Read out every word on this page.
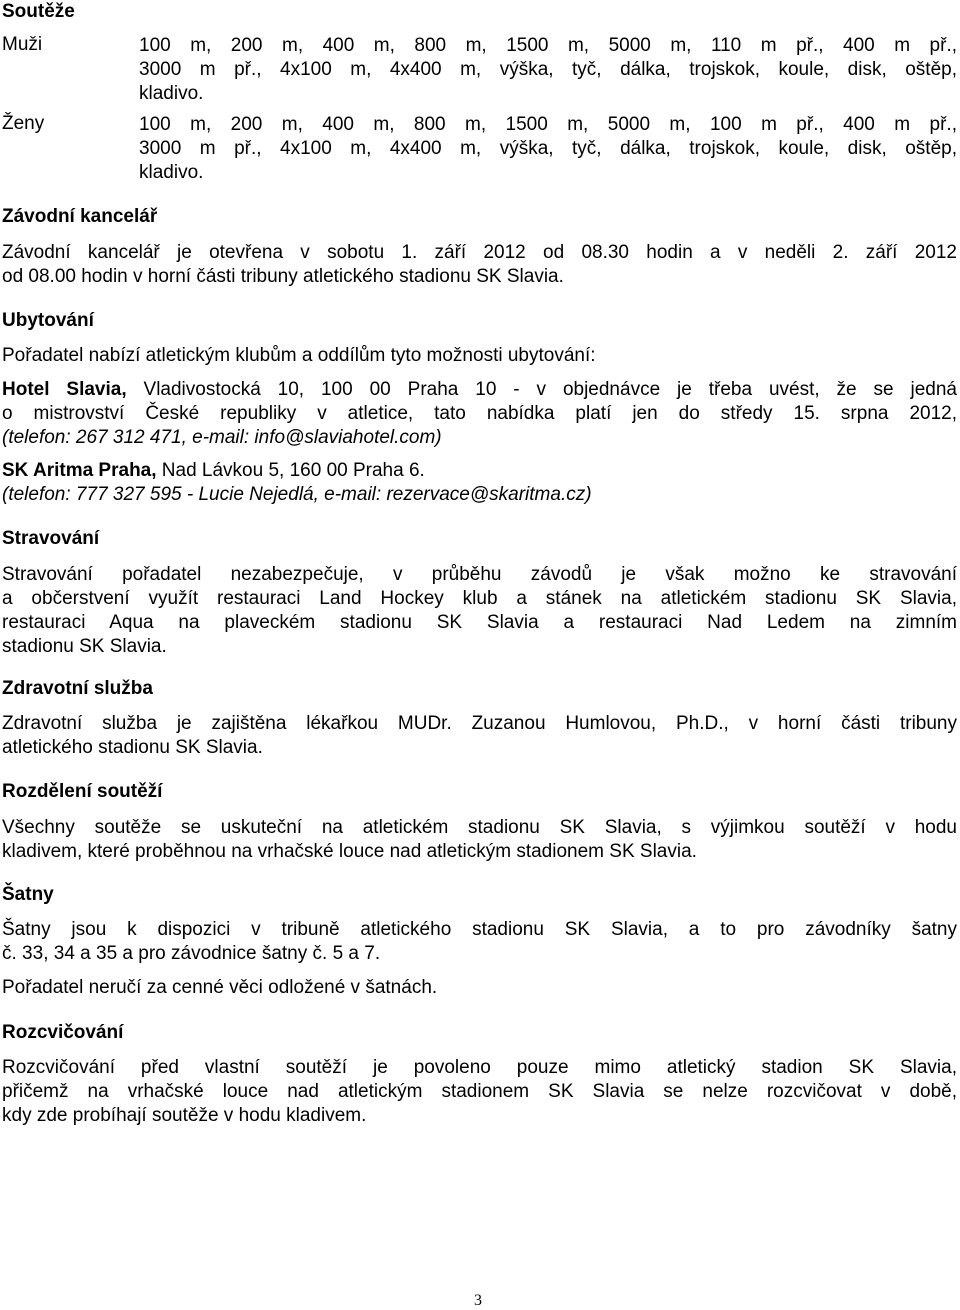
Soutěže
Muži	100 m, 200 m, 400 m, 800 m, 1500 m, 5000 m, 110 m př., 400 m př.,
3000 m př., 4x100 m, 4x400 m, výška, tyč, dálka, trojskok, koule, disk, oštěp,
kladivo.
Ženy	100 m, 200 m, 400 m, 800 m, 1500 m, 5000 m, 100 m př., 400 m př.,
3000 m př., 4x100 m, 4x400 m, výška, tyč, dálka, trojskok, koule, disk, oštěp,
kladivo.
Závodní kancelář
Závodní kancelář je otevřena v sobotu 1. září 2012 od 08.30 hodin a v neděli 2. září 2012
od 08.00 hodin v horní části tribuny atletického stadionu SK Slavia.
Ubytování
Pořadatel nabízí atletickým klubům a oddílům tyto možnosti ubytování:
Hotel Slavia, Vladivostocká 10, 100 00 Praha 10 - v objednávce je třeba uvést, že se jedná
o mistrovství České republiky v atletice, tato nabídka platí jen do středy 15. srpna 2012,
(telefon: 267 312 471, e-mail: info@slaviahotel.com)
SK Aritma Praha, Nad Lávkou 5, 160 00 Praha 6.
(telefon: 777 327 595 - Lucie Nejedlá, e-mail: rezervace@skaritma.cz)
Stravování
Stravování pořadatel nezabezpečuje, v průběhu závodů je však možno ke stravování
a občerstvení využít restauraci Land Hockey klub a stánek na atletickém stadionu SK Slavia,
restauraci Aqua na plaveckém stadionu SK Slavia a restauraci Nad Ledem na zimním
stadionu SK Slavia.
Zdravotní služba
Zdravotní služba je zajištěna lékařkou MUDr. Zuzanou Humlovou, Ph.D., v horní části tribuny
atletického stadionu SK Slavia.
Rozdělení soutěží
Všechny soutěže se uskuteční na atletickém stadionu SK Slavia, s výjimkou soutěží v hodu
kladivem, které proběhnou na vrhačské louce nad atletickým stadionem SK Slavia.
Šatny
Šatny jsou k dispozici v tribuně atletického stadionu SK Slavia, a to pro závodníky šatny
č. 33, 34 a 35 a pro závodnice šatny č. 5 a 7.
Pořadatel neručí za cenné věci odložené v šatnách.
Rozcvičování
Rozcvičování před vlastní soutěží je povoleno pouze mimo atletický stadion SK Slavia,
přičemž na vrhačské louce nad atletickým stadionem SK Slavia se nelze rozcvičovat v době,
kdy zde probíhají soutěže v hodu kladivem.
3
